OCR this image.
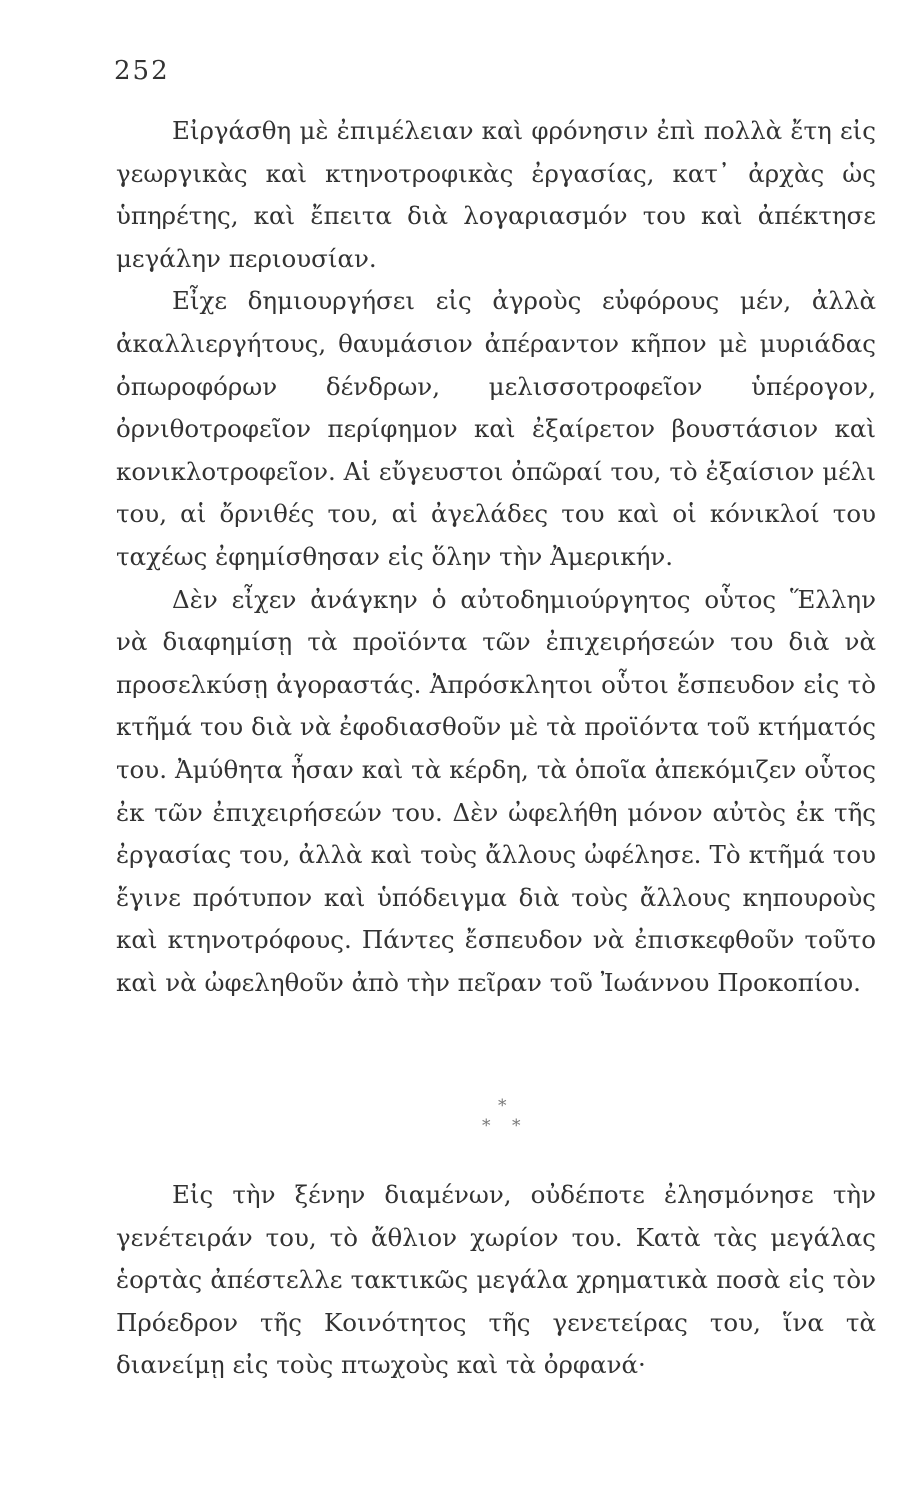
252

Εἰργάσθη μὲ ἐπιμέλειαν καὶ φρόνησιν ἐπὶ πολλὰ ἔτη εἰς γεωργικὰς καὶ κτηνοτροφικὰς ἐργασίας, κατ᾽ ἀρχὰς ὡς ὑπηρέτης, καὶ ἔπειτα διὰ λογαριασμόν του καὶ ἀπέκτησε μεγάλην περιουσίαν.

Εἶχε δημιουργήσει εἰς ἀγροὺς εὐφόρους μέν, ἀλλὰ ἀκαλλιεργήτους, θαυμάσιον ἀπέραντον κῆπον μὲ μυριάδας ὀπωροφόρων δένδρων, μελισσοτροφεῖον ὑπέρογον, ὀρνιθοτροφεῖον περίφημον καὶ ἐξαίρετον βουστάσιον καὶ κονικλοτροφεῖον. Αἱ εὔγευστοι ὀπῶραί του, τὸ ἐξαίσιον μέλι του, αἱ ὄρνιθές του, αἱ ἀγελάδες του καὶ οἱ κόνικλοί του ταχέως ἐφημίσθησαν εἰς ὅλην τὴν Ἀμερικήν.

Δὲν εἶχεν ἀνάγκην ὁ αὐτοδημιούργητος οὗτος Ἕλλην νὰ διαφημίσῃ τὰ προϊόντα τῶν ἐπιχειρήσεών του διὰ νὰ προσελκύσῃ ἀγοραστάς. Ἀπρόσκλητοι οὗτοι ἔσπευδον εἰς τὸ κτῆμά του διὰ νὰ ἐφοδιασθοῦν μὲ τὰ προϊόντα τοῦ κτήματός του. Ἀμύθητα ἦσαν καὶ τὰ κέρδη, τὰ ὁποῖα ἀπεκόμιζεν οὗτος ἐκ τῶν ἐπιχειρήσεών του. Δὲν ὠφελήθη μόνον αὐτὸς ἐκ τῆς ἐργασίας του, ἀλλὰ καὶ τοὺς ἄλλους ὠφέλησε. Τὸ κτῆμά του ἔγινε πρότυπον καὶ ὑπόδειγμα διὰ τοὺς ἄλλους κηπουροὺς καὶ κτηνοτρόφους. Πάντες ἔσπευδον νὰ ἐπισκεφθοῦν τοῦτο καὶ νὰ ὠφεληθοῦν ἀπὸ τὴν πεῖραν τοῦ Ἰωάννου Προκοπίου.

*
* *

Εἰς τὴν ξένην διαμένων, οὐδέποτε ἐλησμόνησε τὴν γενέτειράν του, τὸ ἄθλιον χωρίον του. Κατὰ τὰς μεγάλας ἑορτὰς ἀπέστελλε τακτικῶς μεγάλα χρηματικὰ ποσὰ εἰς τὸν Πρόεδρον τῆς Κοινότητος τῆς γενετείρας του, ἵνα τὰ διανείμῃ εἰς τοὺς πτωχοὺς καὶ τὰ ὀρφανά·
